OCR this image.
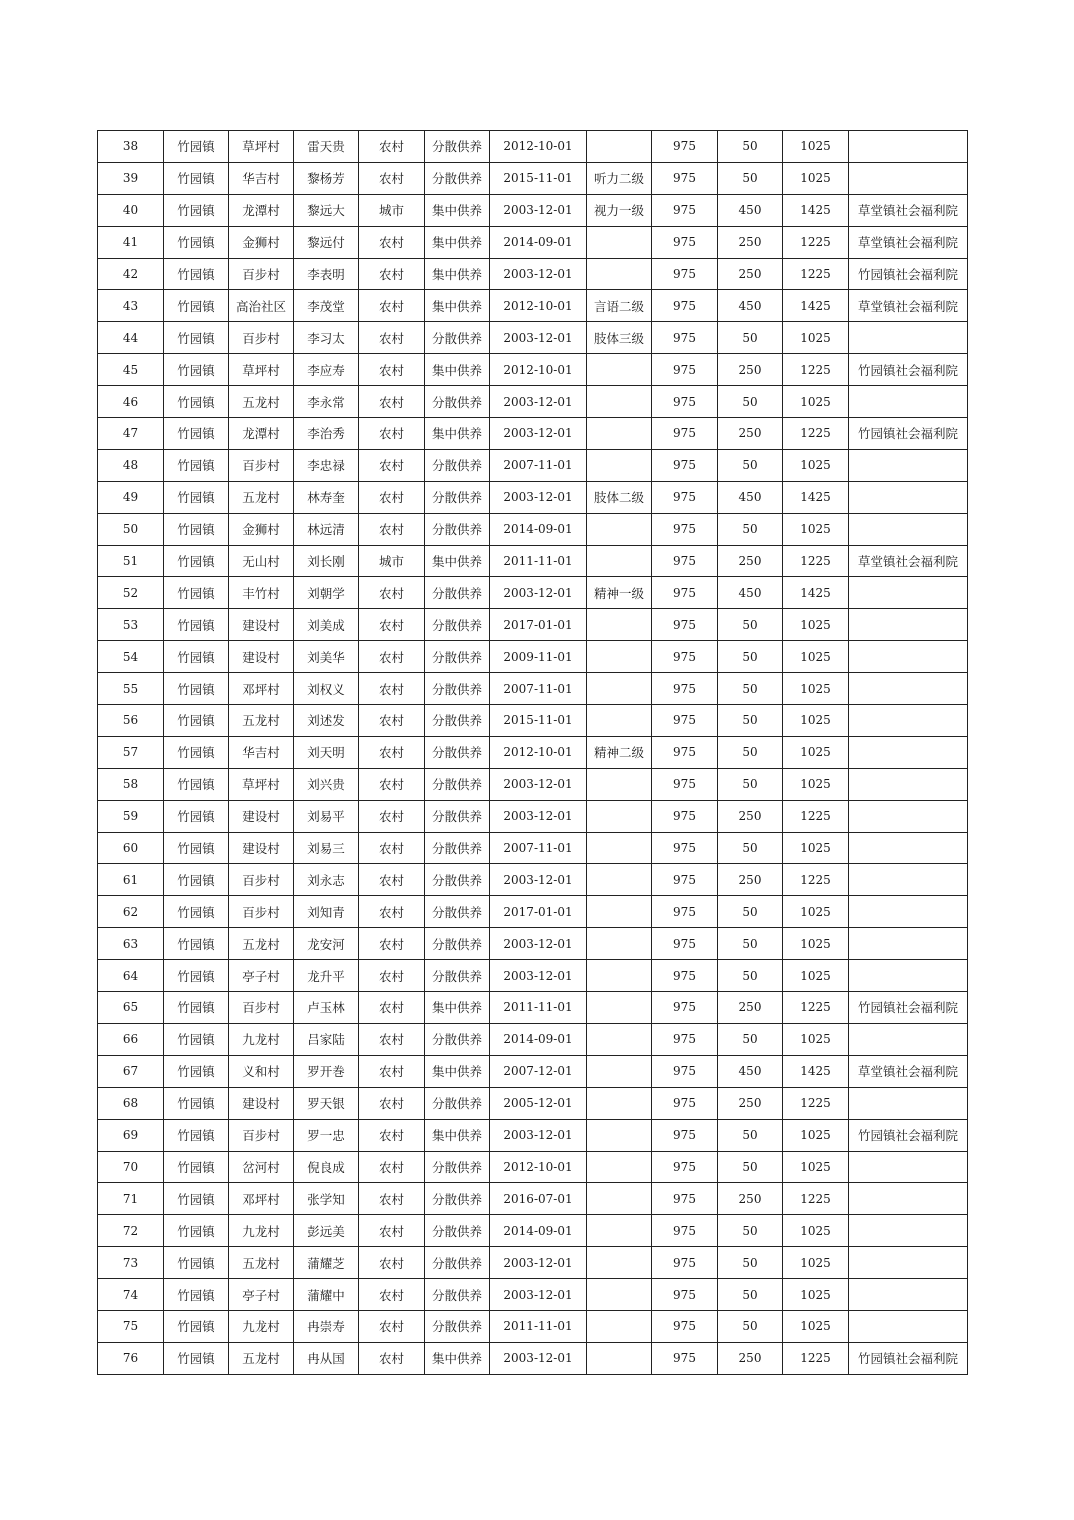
38	竹园镇	草坪村	雷天贵	农村	分散供养	2012-10-01		975	50	1025	
39	竹园镇	华吉村	黎杨芳	农村	分散供养	2015-11-01	听力二级	975	50	1025	
40	竹园镇	龙潭村	黎远大	城市	集中供养	2003-12-01	视力一级	975	450	1425	草堂镇社会福利院
41	竹园镇	金狮村	黎远付	农村	集中供养	2014-09-01		975	250	1225	草堂镇社会福利院
42	竹园镇	百步村	李表明	农村	集中供养	2003-12-01		975	250	1225	竹园镇社会福利院
43	竹园镇	高治社区	李茂堂	农村	集中供养	2012-10-01	言语二级	975	450	1425	草堂镇社会福利院
44	竹园镇	百步村	李习太	农村	分散供养	2003-12-01	肢体三级	975	50	1025	
45	竹园镇	草坪村	李应寿	农村	集中供养	2012-10-01		975	250	1225	竹园镇社会福利院
46	竹园镇	五龙村	李永常	农村	分散供养	2003-12-01		975	50	1025	
47	竹园镇	龙潭村	李治秀	农村	集中供养	2003-12-01		975	250	1225	竹园镇社会福利院
48	竹园镇	百步村	李忠禄	农村	分散供养	2007-11-01		975	50	1025	
49	竹园镇	五龙村	林寿奎	农村	分散供养	2003-12-01	肢体二级	975	450	1425	
50	竹园镇	金狮村	林远清	农村	分散供养	2014-09-01		975	50	1025	
51	竹园镇	无山村	刘长刚	城市	集中供养	2011-11-01		975	250	1225	草堂镇社会福利院
52	竹园镇	丰竹村	刘朝学	农村	分散供养	2003-12-01	精神一级	975	450	1425	
53	竹园镇	建设村	刘美成	农村	分散供养	2017-01-01		975	50	1025	
54	竹园镇	建设村	刘美华	农村	分散供养	2009-11-01		975	50	1025	
55	竹园镇	邓坪村	刘权义	农村	分散供养	2007-11-01		975	50	1025	
56	竹园镇	五龙村	刘述发	农村	分散供养	2015-11-01		975	50	1025	
57	竹园镇	华吉村	刘天明	农村	分散供养	2012-10-01	精神二级	975	50	1025	
58	竹园镇	草坪村	刘兴贵	农村	分散供养	2003-12-01		975	50	1025	
59	竹园镇	建设村	刘易平	农村	分散供养	2003-12-01		975	250	1225	
60	竹园镇	建设村	刘易三	农村	分散供养	2007-11-01		975	50	1025	
61	竹园镇	百步村	刘永志	农村	分散供养	2003-12-01		975	250	1225	
62	竹园镇	百步村	刘知青	农村	分散供养	2017-01-01		975	50	1025	
63	竹园镇	五龙村	龙安河	农村	分散供养	2003-12-01		975	50	1025	
64	竹园镇	亭子村	龙升平	农村	分散供养	2003-12-01		975	50	1025	
65	竹园镇	百步村	卢玉林	农村	集中供养	2011-11-01		975	250	1225	竹园镇社会福利院
66	竹园镇	九龙村	吕家陆	农村	分散供养	2014-09-01		975	50	1025	
67	竹园镇	义和村	罗开巻	农村	集中供养	2007-12-01		975	450	1425	草堂镇社会福利院
68	竹园镇	建设村	罗天银	农村	分散供养	2005-12-01		975	250	1225	
69	竹园镇	百步村	罗一忠	农村	集中供养	2003-12-01		975	50	1025	竹园镇社会福利院
70	竹园镇	岔河村	倪良成	农村	分散供养	2012-10-01		975	50	1025	
71	竹园镇	邓坪村	张学知	农村	分散供养	2016-07-01		975	250	1225	
72	竹园镇	九龙村	彭远美	农村	分散供养	2014-09-01		975	50	1025	
73	竹园镇	五龙村	蒲耀芝	农村	分散供养	2003-12-01		975	50	1025	
74	竹园镇	亭子村	蒲耀中	农村	分散供养	2003-12-01		975	50	1025	
75	竹园镇	九龙村	冉崇寿	农村	分散供养	2011-11-01		975	50	1025	
76	竹园镇	五龙村	冉从国	农村	集中供养	2003-12-01		975	250	1225	竹园镇社会福利院
